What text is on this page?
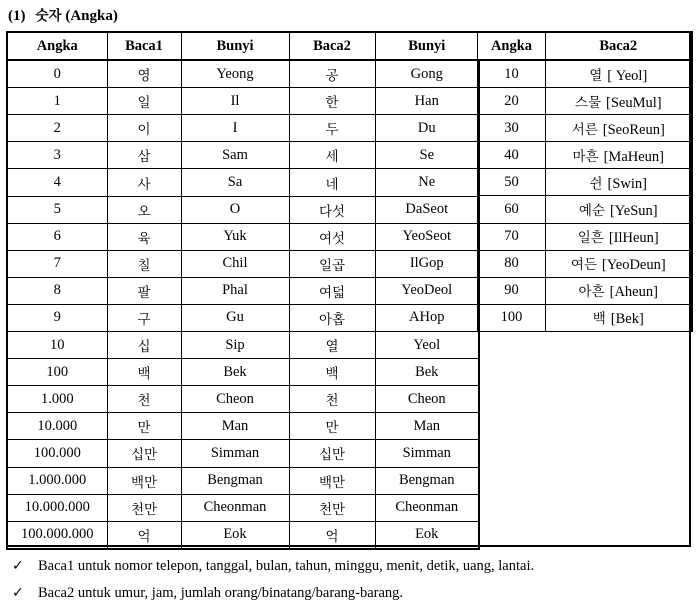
(1) 숫자 (Angka)
Angka	Baca1	Bunyi	Baca2	Bunyi
0	영	Yeong	공	Gong
1	일	Il	한	Han
2	이	I	두	Du
3	삼	Sam	세	Se
4	사	Sa	네	Ne
5	오	O	다섯	DaSeot
6	육	Yuk	여섯	YeoSeot
7	칠	Chil	일곱	IlGop
8	팔	Phal	여덟	YeoDeol
9	구	Gu	아홉	AHop
10	십	Sip	열	Yeol
100	백	Bek	백	Bek
1.000	천	Cheon	천	Cheon
10.000	만	Man	만	Man
100.000	십만	Simman	십만	Simman
1.000.000	백만	Bengman	백만	Bengman
10.000.000	천만	Cheonman	천만	Cheonman
100.000.000	억	Eok	억	Eok
Angka	Baca2
10	열 [ Yeol]
20	스물 [SeuMul]
30	서른 [SeoReun]
40	마흔 [MaHeun]
50	쉰 [Swin]
60	예순 [YeSun]
70	일흔 [IlHeun]
80	여든 [YeoDeun]
90	아흔 [Aheun]
100	백 [Bek]
✓ Baca1 untuk nomor telepon, tanggal, bulan, tahun, minggu, menit, detik, uang, lantai.
✓ Baca2 untuk umur, jam, jumlah orang/binatang/barang-barang.
